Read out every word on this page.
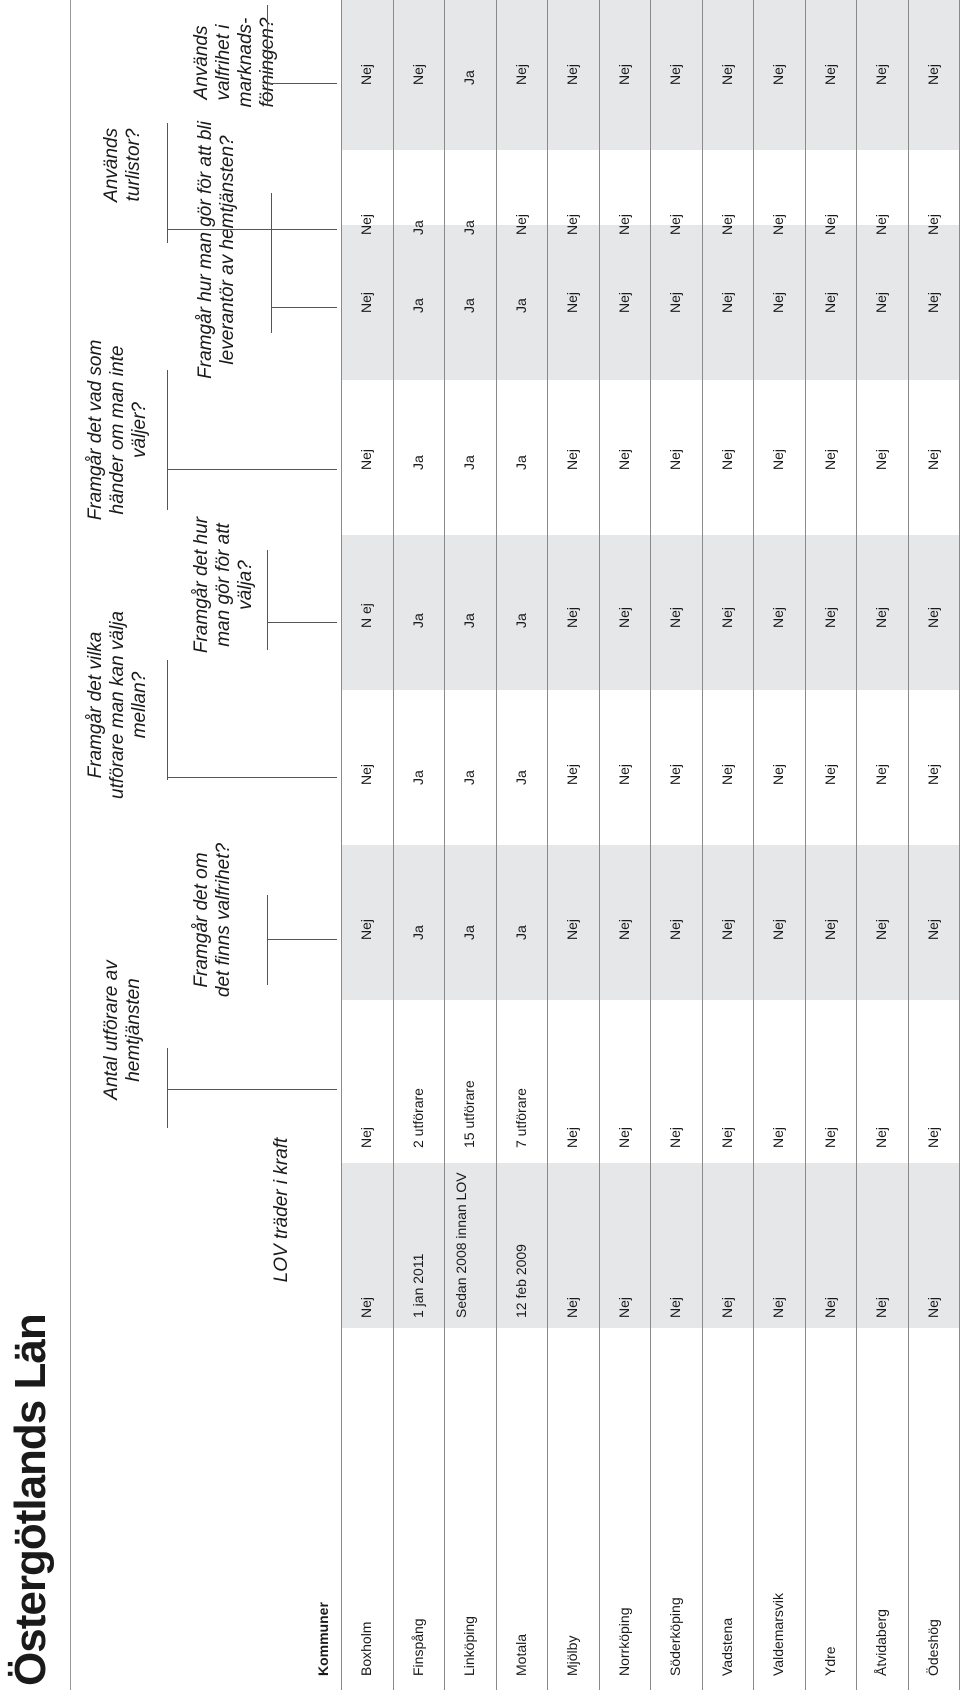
Östergötlands Län	Kommuner
LOV träder i kraft
Antal utförare av hemtjänsten
Framgår det om det finns valfrihet?
Framgår det vilka utförare man kan välja mellan?
Framgår det hur man gör för att välja?
Framgår det vad som händer om man inte väljer?
Framgår hur man gör för att bli leverantör av hemtjänsten?
Används turlistor?
Används valfrihet i marknads-förningen?
Boxholm
Nej
Nej
Nej
Nej
N ej
Nej
Nej
Nej
Nej
Finspång
1 jan 2011
2 utförare
Ja
Ja
Ja
Ja
Ja
Ja
Nej
Linköping
Sedan 2008 innan LOV
15 utförare
Ja
Ja
Ja
Ja
Ja
Ja
Ja
Motala
12 feb 2009
7 utförare
Ja
Ja
Ja
Ja
Ja
Nej
Nej
Mjölby
Nej
Nej
Nej
Nej
Nej
Nej
Nej
Nej
Nej
Norrköping
Nej
Nej
Nej
Nej
Nej
Nej
Nej
Nej
Nej
Söderköping
Nej
Nej
Nej
Nej
Nej
Nej
Nej
Nej
Nej
Vadstena
Nej
Nej
Nej
Nej
Nej
Nej
Nej
Nej
Nej
Valdemarsvik
Nej
Nej
Nej
Nej
Nej
Nej
Nej
Nej
Nej
Ydre
Nej
Nej
Nej
Nej
Nej
Nej
Nej
Nej
Nej
Åtvidaberg
Nej
Nej
Nej
Nej
Nej
Nej
Nej
Nej
Nej
Ödeshög
Nej
Nej
Nej
Nej
Nej
Nej
Nej
Nej
Nej
